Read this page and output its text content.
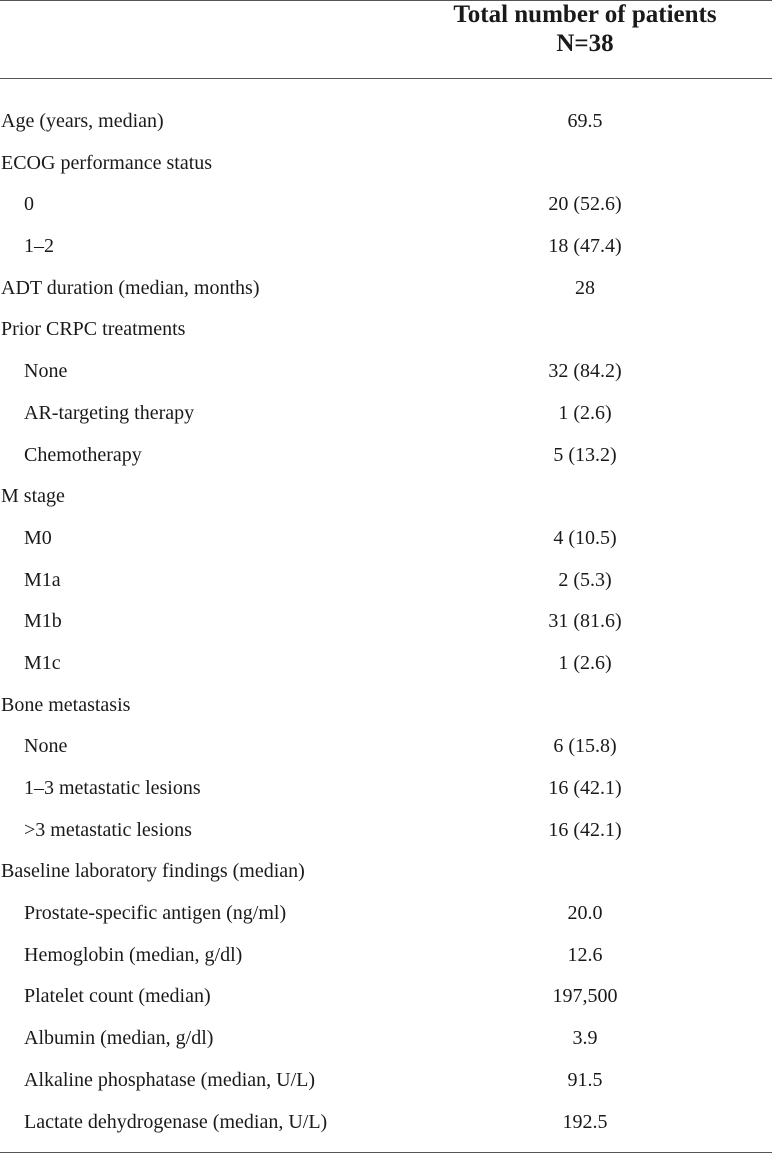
Total number of patients
N=38
Age (years, median)	69.5
ECOG performance status
0	20 (52.6)
1–2	18 (47.4)
ADT duration (median, months)	28
Prior CRPC treatments
None	32 (84.2)
AR-targeting therapy	1 (2.6)
Chemotherapy	5 (13.2)
M stage
M0	4 (10.5)
M1a	2 (5.3)
M1b	31 (81.6)
M1c	1 (2.6)
Bone metastasis
None	6 (15.8)
1–3 metastatic lesions	16 (42.1)
>3 metastatic lesions	16 (42.1)
Baseline laboratory findings (median)
Prostate-specific antigen (ng/ml)	20.0
Hemoglobin (median, g/dl)	12.6
Platelet count (median)	197,500
Albumin (median, g/dl)	3.9
Alkaline phosphatase (median, U/L)	91.5
Lactate dehydrogenase (median, U/L)	192.5
